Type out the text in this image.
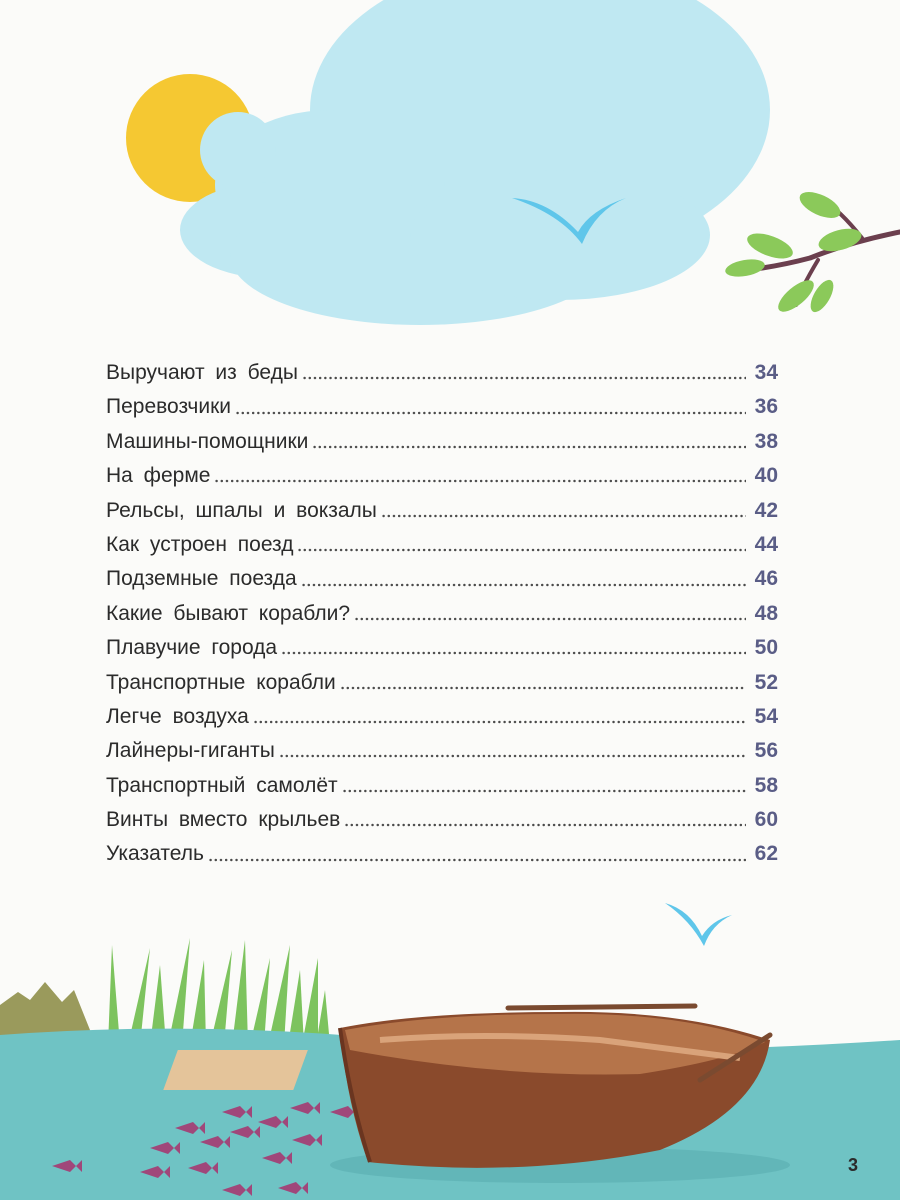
Выручают из беды	34
Перевозчики	36
Машины-помощники	38
На ферме	40
Рельсы, шпалы и вокзалы	42
Как устроен поезд	44
Подземные поезда	46
Какие бывают корабли?	48
Плавучие города	50
Транспортные корабли	52
Легче воздуха	54
Лайнеры-гиганты	56
Транспортный самолёт	58
Винты вместо крыльев	60
Указатель	62
3
